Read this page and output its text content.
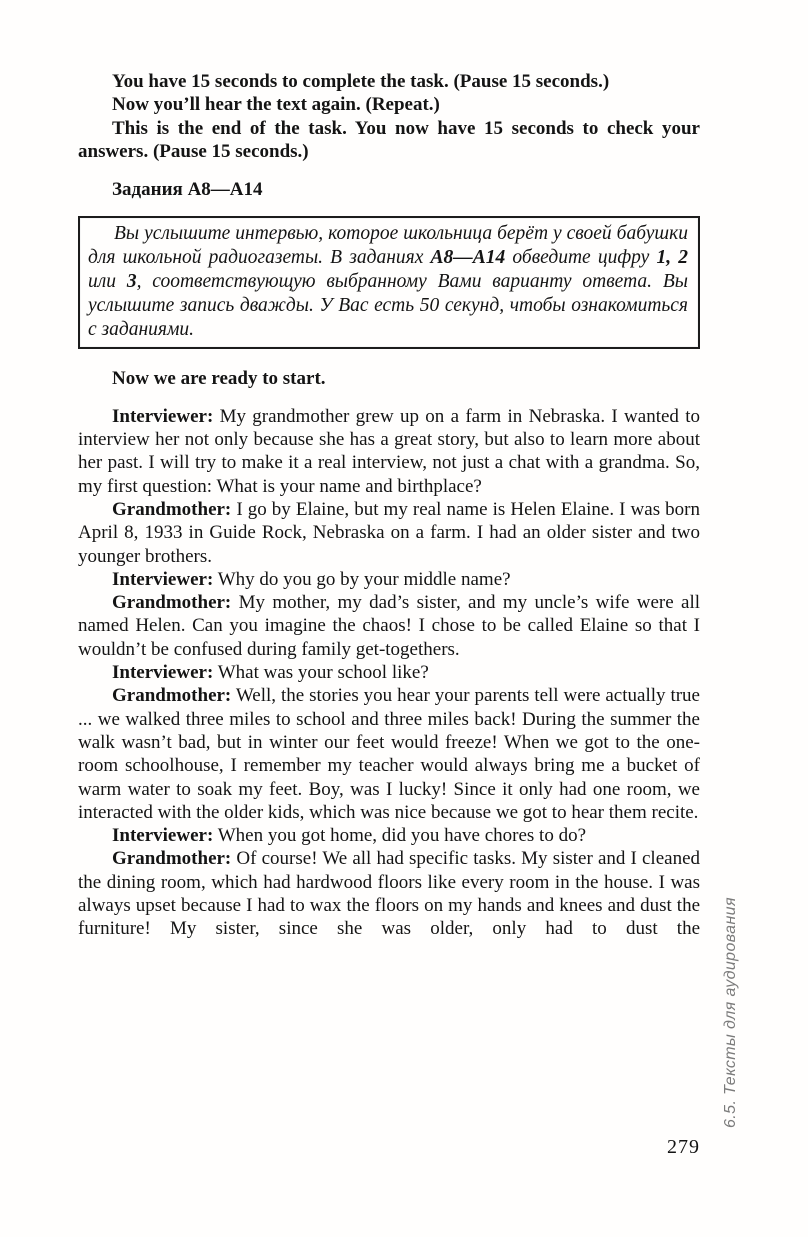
You have 15 seconds to complete the task. (Pause 15 seconds.)

Now you’ll hear the text again. (Repeat.)

This is the end of the task. You now have 15 seconds to check your answers. (Pause 15 seconds.)

Задания А8—А14

Вы услышите интервью, которое школьница берёт у своей бабушки для школьной радиогазеты. В заданиях А8—А14 обведите цифру 1, 2 или 3, соответствующую выбранному Вами варианту ответа. Вы услышите запись дважды. У Вас есть 50 секунд, чтобы ознакомиться с заданиями.

Now we are ready to start.

Interviewer: My grandmother grew up on a farm in Nebraska. I wanted to interview her not only because she has a great story, but also to learn more about her past. I will try to make it a real interview, not just a chat with a grandma. So, my first question: What is your name and birthplace?

Grandmother: I go by Elaine, but my real name is Helen Elaine. I was born April 8, 1933 in Guide Rock, Nebraska on a farm. I had an older sister and two younger brothers.

Interviewer: Why do you go by your middle name?

Grandmother: My mother, my dad’s sister, and my uncle’s wife were all named Helen. Can you imagine the chaos! I chose to be called Elaine so that I wouldn’t be confused during family get-togethers.

Interviewer: What was your school like?

Grandmother: Well, the stories you hear your parents tell were actually true ... we walked three miles to school and three miles back! During the summer the walk wasn’t bad, but in winter our feet would freeze! When we got to the one-room schoolhouse, I remember my teacher would always bring me a bucket of warm water to soak my feet. Boy, was I lucky! Since it only had one room, we interacted with the older kids, which was nice because we got to hear them recite.

Interviewer: When you got home, did you have chores to do?

Grandmother: Of course! We all had specific tasks. My sister and I cleaned the dining room, which had hardwood floors like every room in the house. I was always upset because I had to wax the floors on my hands and knees and dust the furniture! My sister, since she was older, only had to dust the 6.5. Тексты для аудирования
279
